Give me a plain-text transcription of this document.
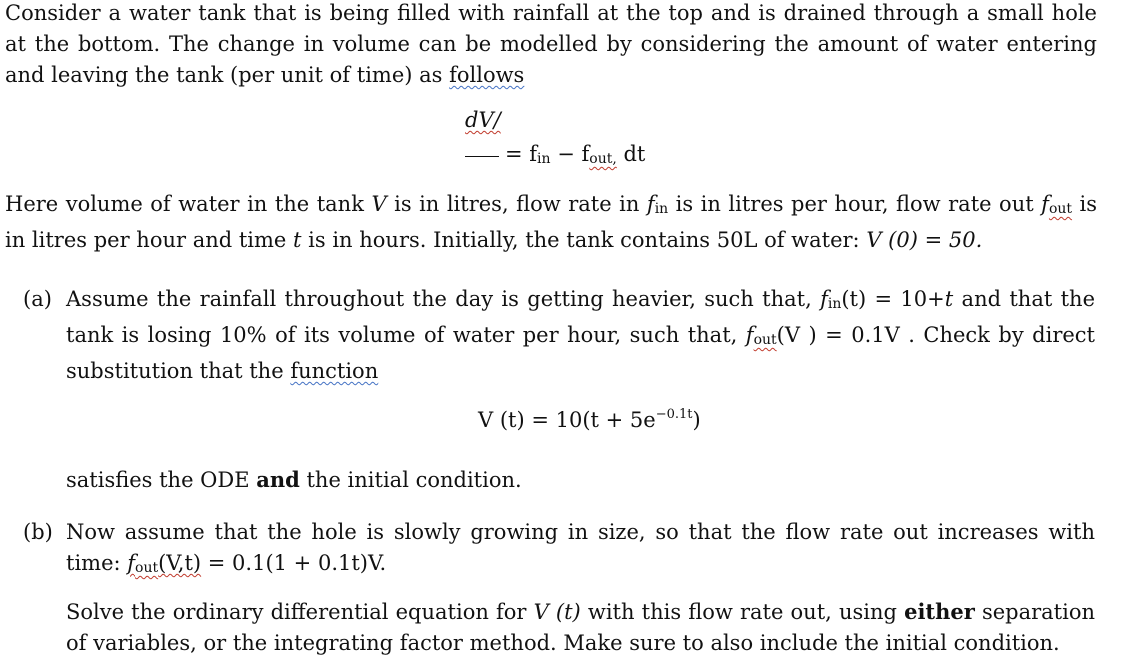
Consider a water tank that is being filled with rainfall at the top and is drained through a small hole at the bottom. The change in volume can be modelled by considering the amount of water entering and leaving the tank (per unit of time) as follows
dV/
= fin − fout, dt
Here volume of water in the tank V is in litres, flow rate in fin is in litres per hour, flow rate out fout is in litres per hour and time t is in hours. Initially, the tank contains 50L of water: V (0) = 50.
(a) Assume the rainfall throughout the day is getting heavier, such that, fin(t) = 10+t and that the tank is losing 10% of its volume of water per hour, such that, fout(V ) = 0.1V . Check by direct substitution that the function
V $(t) = 10(t + 5e^{-0.1t})$
satisfies the ODE and the initial condition.
(b) Now assume that the hole is slowly growing in size, so that the flow rate out increases with time: fout(V,t) = 0.1(1 + 0.1t)V.
Solve the ordinary differential equation for V (t) with this flow rate out, using either separation of variables, or the integrating factor method. Make sure to also include the initial condition.
